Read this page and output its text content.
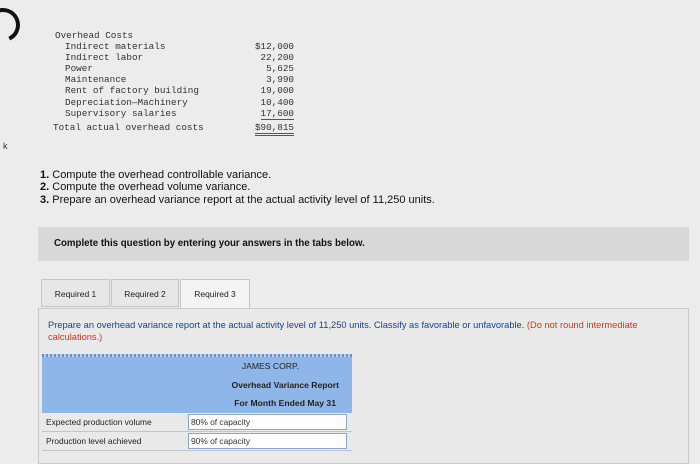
k
Overhead Costs
Indirect materials	$12,000
Indirect labor	22,200
Power	5,625
Maintenance	3,990
Rent of factory building	19,000
Depreciation—Machinery	10,400
Supervisory salaries	17,600
Total actual overhead costs	$90,815
1. Compute the overhead controllable variance.
2. Compute the overhead volume variance.
3. Prepare an overhead variance report at the actual activity level of 11,250 units.
Complete this question by entering your answers in the tabs below.
Required 1	Required 2	Required 3
Prepare an overhead variance report at the actual activity level of 11,250 units. Classify as favorable or unfavorable. (Do not round intermediate calculations.)
JAMES CORP.
Overhead Variance Report
For Month Ended May 31
Expected production volume	80% of capacity
Production level achieved	90% of capacity
